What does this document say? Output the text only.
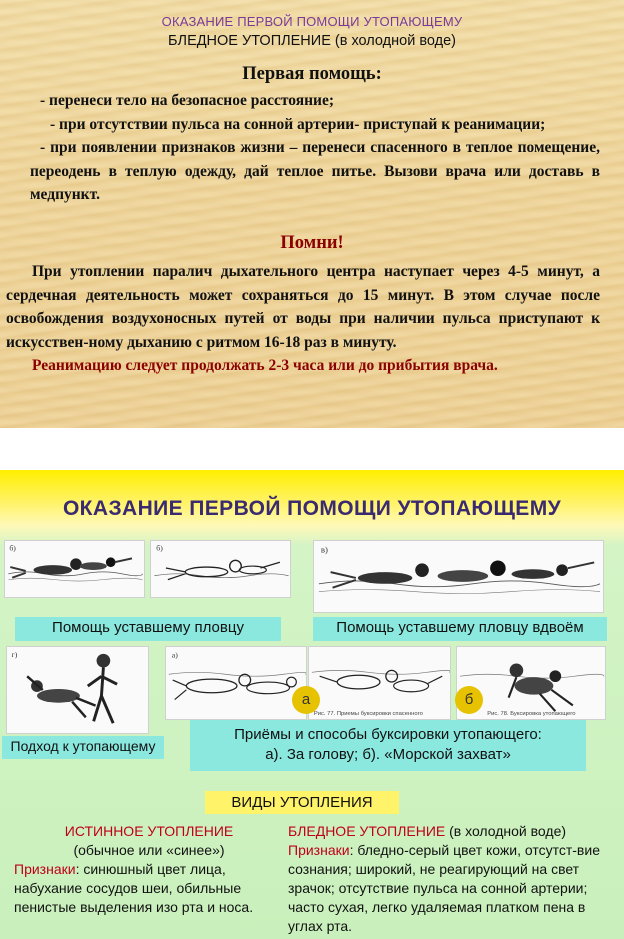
ОКАЗАНИЕ ПЕРВОЙ ПОМОЩИ УТОПАЮЩЕМУ
БЛЕДНОЕ УТОПЛЕНИЕ (в холодной воде)
Первая помощь:

- перенеси тело на безопасное расстояние;

- при отсутствии пульса на сонной артерии- приступай к реанимации;

- при появлении признаков жизни – перенеси спасенного в теплое помещение, переодень в теплую одежду, дай теплое питье. Вызови врача или доставь в медпункт.

Помни!

При утоплении паралич дыхательного центра наступает через 4-5 минут, а сердечная деятельность может сохраняться до 15 минут. В этом случае после освобождения воздухоносных путей от воды при наличии пульса приступают к искусствен-ному дыханию с ритмом 16-18 раз в минуту.

Реанимацию следует продолжать 2-3 часа или до прибытия врача.

ОКАЗАНИЕ ПЕРВОЙ ПОМОЩИ УТОПАЮЩЕМУ
б)	б)	в)
Помощь уставшему пловцу	Помощь уставшему пловцу вдвоём
г)	а)
Рис. 77. Приемы буксировки спасенного	Рис. 78. Буксировка утопающего
а	б
Подход к утопающему
Приёмы и способы буксировки утопающего:
а). За голову; б). «Морской захват»
ВИДЫ УТОПЛЕНИЯ
ИСТИННОЕ УТОПЛЕНИЕ
(обычное или «синее»)
Признаки: синюшный цвет лица, набухание сосудов шеи, обильные пенистые выделения изо рта и носа.
БЛЕДНОЕ УТОПЛЕНИЕ (в холодной воде)
Признаки: бледно-серый цвет кожи, отсутст-вие сознания; широкий, не реагирующий на свет зрачок; отсутствие пульса на сонной артерии; часто сухая, легко удаляемая платком пена в углах рта.
